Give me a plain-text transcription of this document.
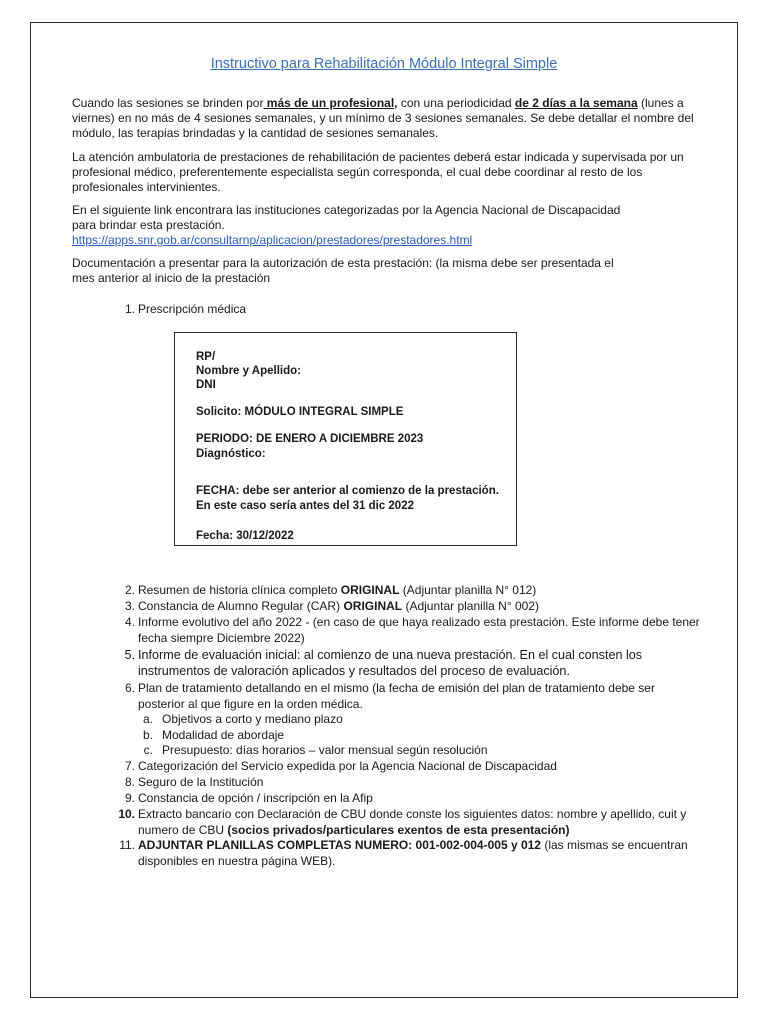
Instructivo para Rehabilitación Módulo Integral Simple
Cuando las sesiones se brinden por más de un profesional, con una periodicidad de 2 días a la semana (lunes a viernes) en no más de 4 sesiones semanales, y un mínimo de 3 sesiones semanales. Se debe detallar el nombre del módulo, las terapias brindadas y la cantidad de sesiones semanales.
La atención ambulatoria de prestaciones de rehabilitación de pacientes deberá estar indicada y supervisada por un profesional médico, preferentemente especialista según corresponda, el cual debe coordinar al resto de los profesionales intervinientes.
En el siguiente link encontrara las instituciones categorizadas por la Agencia Nacional de Discapacidad
para brindar esta prestación.
https://apps.snr.gob.ar/consultarnp/aplicacion/prestadores/prestadores.html
Documentación a presentar para la autorización de esta prestación: (la misma debe ser presentada el
mes anterior al inicio de la prestación
1. Prescripción médica
RP/
Nombre y Apellido:
DNI
Solicito: MÓDULO INTEGRAL SIMPLE
PERIODO: DE ENERO A DICIEMBRE 2023
Diagnóstico:
FECHA: debe ser anterior al comienzo de la prestación.
En este caso sería antes del 31 dic 2022
Fecha: 30/12/2022
2. Resumen de historia clínica completo ORIGINAL (Adjuntar planilla N° 012)
3. Constancia de Alumno Regular (CAR) ORIGINAL (Adjuntar planilla N° 002)
4. Informe evolutivo del año 2022 - (en caso de que haya realizado esta prestación. Este informe debe tener fecha siempre Diciembre 2022)
5. Informe de evaluación inicial: al comienzo de una nueva prestación. En el cual consten los instrumentos de valoración aplicados y resultados del proceso de evaluación.
6. Plan de tratamiento detallando en el mismo (la fecha de emisión del plan de tratamiento debe ser posterior al que figure en la orden médica.
a. Objetivos a corto y mediano plazo
b. Modalidad de abordaje
c. Presupuesto: días horarios – valor mensual según resolución
7. Categorización del Servicio expedida por la Agencia Nacional de Discapacidad
8. Seguro de la Institución
9. Constancia de opción / inscripción en la Afip
10. Extracto bancario con Declaración de CBU donde conste los siguientes datos: nombre y apellido, cuit y numero de CBU (socios privados/particulares exentos de esta presentación)
11. ADJUNTAR PLANILLAS COMPLETAS NUMERO: 001-002-004-005 y 012 (las mismas se encuentran disponibles en nuestra página WEB).
